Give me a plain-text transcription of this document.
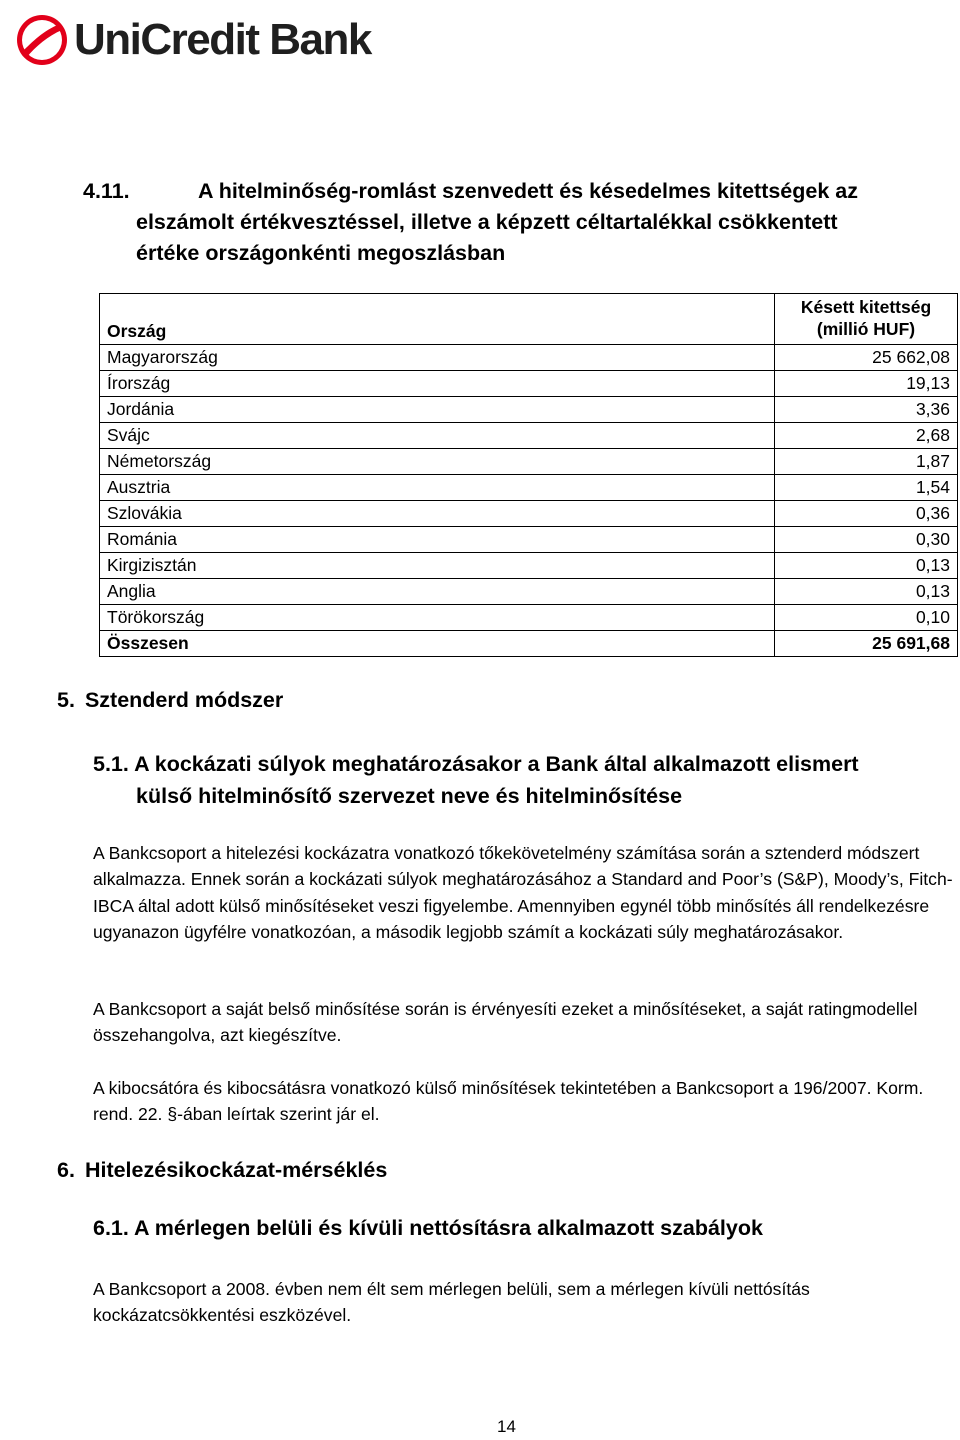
UniCredit Bank
4.11.	A hitelminőség-romlást szenvedett és késedelmes kitettségek az
elszámolt értékvesztéssel, illetve a képzett céltartalékkal csökkentett
értéke országonkénti megoszlásban
Ország	Késett kitettség
(millió HUF)
Magyarország	25 662,08
Írország	19,13
Jordánia	3,36
Svájc	2,68
Németország	1,87
Ausztria	1,54
Szlovákia	0,36
Románia	0,30
Kirgizisztán	0,13
Anglia	0,13
Törökország	0,10
Összesen	25 691,68
5. Sztenderd módszer
5.1. A kockázati súlyok meghatározásakor a Bank által alkalmazott elismert
külső hitelminősítő szervezet neve és hitelminősítése

A Bankcsoport a hitelezési kockázatra vonatkozó tőkekövetelmény számítása során a sztenderd módszert alkalmazza. Ennek során a kockázati súlyok meghatározásához a Standard and Poor’s (S&P), Moody’s, Fitch-IBCA által adott külső minősítéseket veszi figyelembe. Amennyiben egynél több minősítés áll rendelkezésre ugyanazon ügyfélre vonatkozóan, a második legjobb számít a kockázati súly meghatározásakor.

A Bankcsoport a saját belső minősítése során is érvényesíti ezeket a minősítéseket, a saját ratingmodellel összehangolva, azt kiegészítve.

A kibocsátóra és kibocsátásra vonatkozó külső minősítések tekintetében a Bankcsoport a 196/2007. Korm. rend. 22. §-ában leírtak szerint jár el.

6. Hitelezésikockázat-mérséklés
6.1. A mérlegen belüli és kívüli nettósításra alkalmazott szabályok

A Bankcsoport a 2008. évben nem élt sem mérlegen belüli, sem a mérlegen kívüli nettósítás kockázatcsökkentési eszközével.

14
